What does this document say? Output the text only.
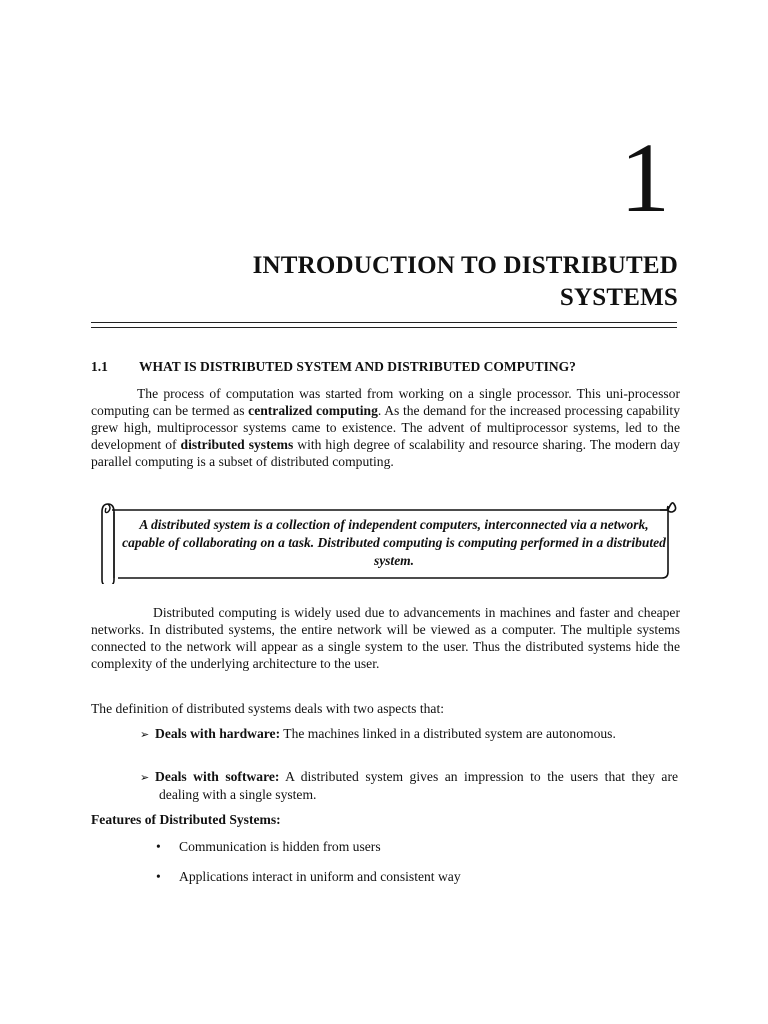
1
INTRODUCTION TO DISTRIBUTED
SYSTEMS
1.1 WHAT IS DISTRIBUTED SYSTEM AND DISTRIBUTED COMPUTING?
The process of computation was started from working on a single processor. This uni-processor computing can be termed as centralized computing. As the demand for the increased processing capability grew high, multiprocessor systems came to existence. The advent of multiprocessor systems, led to the development of distributed systems with high degree of scalability and resource sharing. The modern day parallel computing is a subset of distributed computing.
A distributed system is a collection of independent computers, interconnected via a network, capable of collaborating on a task. Distributed computing is computing performed in a distributed system.
Distributed computing is widely used due to advancements in machines and faster and cheaper networks. In distributed systems, the entire network will be viewed as a computer. The multiple systems connected to the network will appear as a single system to the user. Thus the distributed systems hide the complexity of the underlying architecture to the user.
The definition of distributed systems deals with two aspects that:
➢ Deals with hardware: The machines linked in a distributed system are autonomous.
➢ Deals with software: A distributed system gives an impression to the users that they are dealing with a single system.
Features of Distributed Systems:
• Communication is hidden from users
• Applications interact in uniform and consistent way
